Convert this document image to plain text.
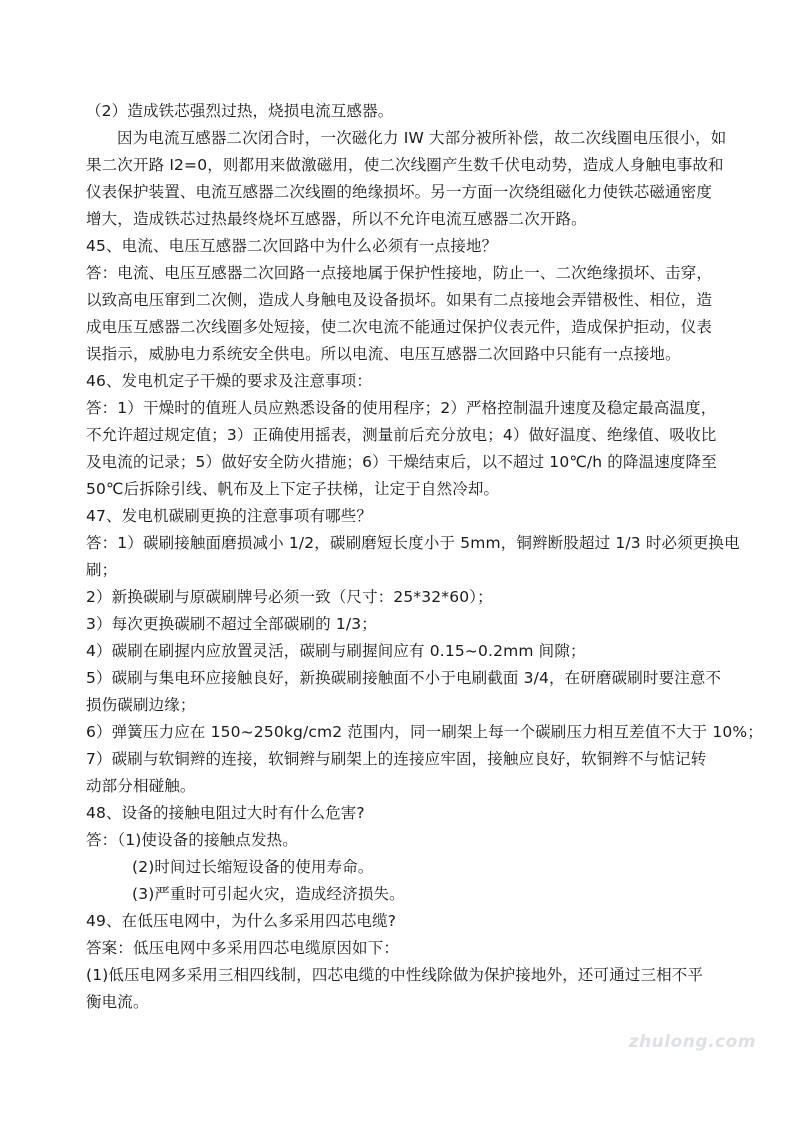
（2）造成铁芯强烈过热，烧损电流互感器。
因为电流互感器二次闭合时，一次磁化力 IW 大部分被所补偿，故二次线圈电压很小，如
果二次开路 I2=0，则都用来做激磁用，使二次线圈产生数千伏电动势，造成人身触电事故和
仪表保护装置、电流互感器二次线圈的绝缘损坏。另一方面一次绕组磁化力使铁芯磁通密度
增大，造成铁芯过热最终烧坏互感器，所以不允许电流互感器二次开路。
45、电流、电压互感器二次回路中为什么必须有一点接地？
答：电流、电压互感器二次回路一点接地属于保护性接地，防止一、二次绝缘损坏、击穿，
以致高电压窜到二次侧，造成人身触电及设备损坏。如果有二点接地会弄错极性、相位，造
成电压互感器二次线圈多处短接，使二次电流不能通过保护仪表元件，造成保护拒动，仪表
误指示，威胁电力系统安全供电。所以电流、电压互感器二次回路中只能有一点接地。
46、发电机定子干燥的要求及注意事项：
答：1）干燥时的值班人员应熟悉设备的使用程序；2）严格控制温升速度及稳定最高温度，
不允许超过规定值；3）正确使用摇表，测量前后充分放电；4）做好温度、绝缘值、吸收比
及电流的记录；5）做好安全防火措施；6）干燥结束后，以不超过 10℃/h 的降温速度降至
50℃后拆除引线、帆布及上下定子扶梯，让定于自然冷却。
47、发电机碳刷更换的注意事项有哪些？
答：1）碳刷接触面磨损减小 1/2，碳刷磨短长度小于 5mm，铜辫断股超过 1/3 时必须更换电
刷；
2）新换碳刷与原碳刷牌号必须一致（尺寸：25*32*60）；
3）每次更换碳刷不超过全部碳刷的 1/3；
4）碳刷在刷握内应放置灵活，碳刷与刷握间应有 0.15~0.2mm 间隙；
5）碳刷与集电环应接触良好，新换碳刷接触面不小于电刷截面 3/4，在研磨碳刷时要注意不
损伤碳刷边缘；
6）弹簧压力应在 150~250kg/cm2 范围内，同一刷架上每一个碳刷压力相互差值不大于 10%；
7）碳刷与软铜辫的连接，软铜辫与刷架上的连接应牢固，接触应良好，软铜辫不与惦记转
动部分相碰触。
48、设备的接触电阻过大时有什么危害?
答：（1)使设备的接触点发热。
(2)时间过长缩短设备的使用寿命。
(3)严重时可引起火灾，造成经济损失。
49、在低压电网中，为什么多采用四芯电缆?
答案：低压电网中多采用四芯电缆原因如下：
(1)低压电网多采用三相四线制，四芯电缆的中性线除做为保护接地外，还可通过三相不平
衡电流。
zhulong.com
